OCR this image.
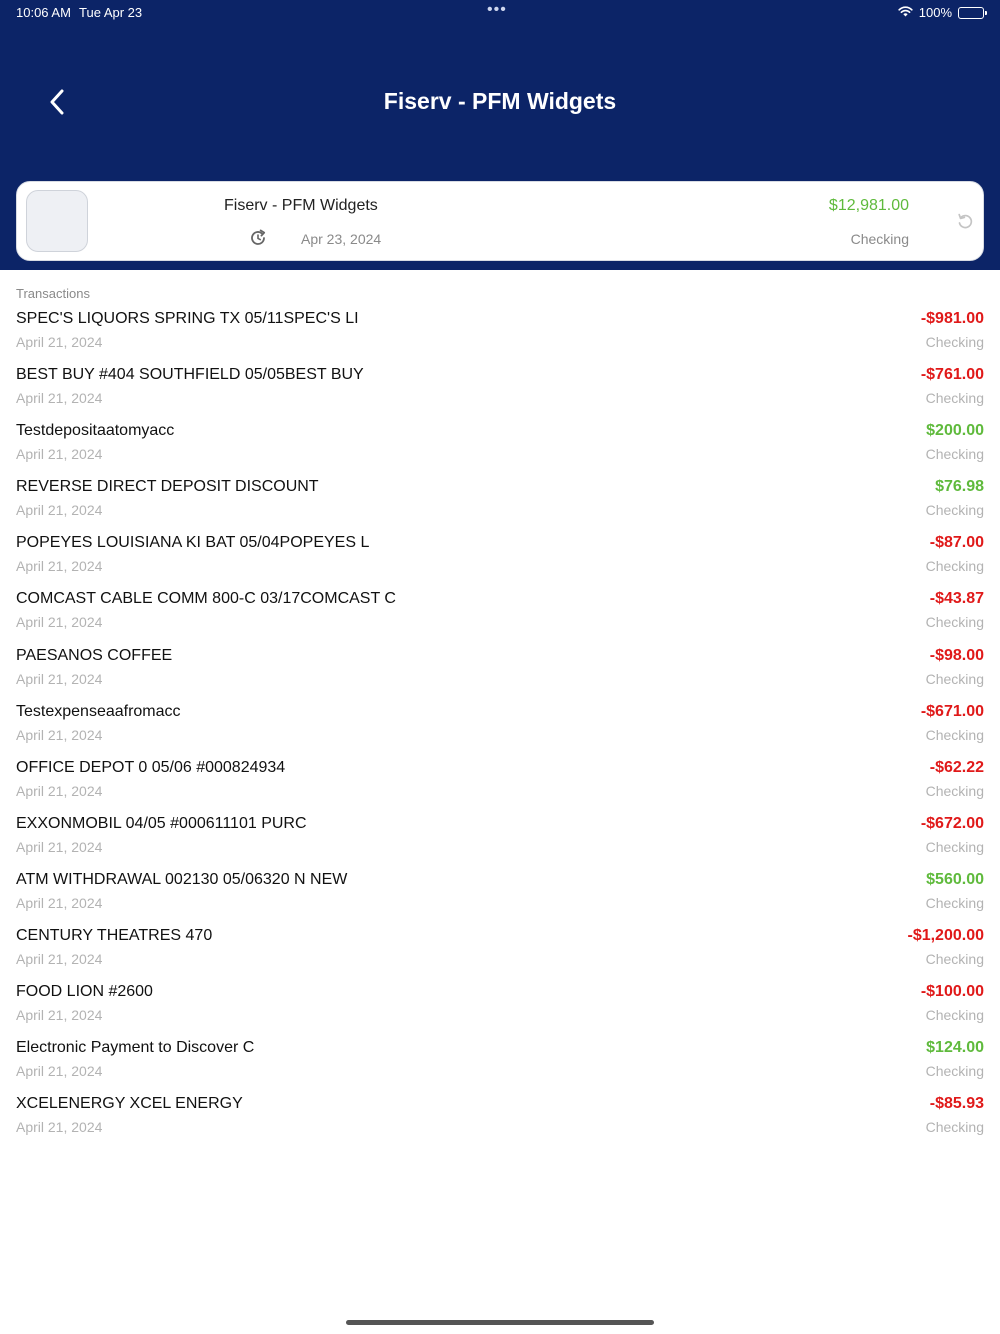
10:06 AM Tue Apr 23	•••	100%
Fiserv - PFM Widgets
Fiserv - PFM Widgets
Apr 23, 2024
$12,981.00
Checking
Transactions
SPEC'S LIQUORS SPRING TX 05/11SPEC'S LI
April 21, 2024
-$981.00
Checking
BEST BUY #404 SOUTHFIELD 05/05BEST BUY
April 21, 2024
-$761.00
Checking
Testdepositaatomyacc
April 21, 2024
$200.00
Checking
REVERSE DIRECT DEPOSIT DISCOUNT
April 21, 2024
$76.98
Checking
POPEYES LOUISIANA KI BAT 05/04POPEYES L
April 21, 2024
-$87.00
Checking
COMCAST CABLE COMM 800-C 03/17COMCAST C
April 21, 2024
-$43.87
Checking
PAESANOS COFFEE
April 21, 2024
-$98.00
Checking
Testexpenseaafromacc
April 21, 2024
-$671.00
Checking
OFFICE DEPOT 0 05/06 #000824934
April 21, 2024
-$62.22
Checking
EXXONMOBIL 04/05 #000611101 PURC
April 21, 2024
-$672.00
Checking
ATM WITHDRAWAL 002130 05/06320 N NEW
April 21, 2024
$560.00
Checking
CENTURY THEATRES 470
April 21, 2024
-$1,200.00
Checking
FOOD LION #2600
April 21, 2024
-$100.00
Checking
Electronic Payment to Discover C
April 21, 2024
$124.00
Checking
XCELENERGY XCEL ENERGY
April 21, 2024
-$85.93
Checking
